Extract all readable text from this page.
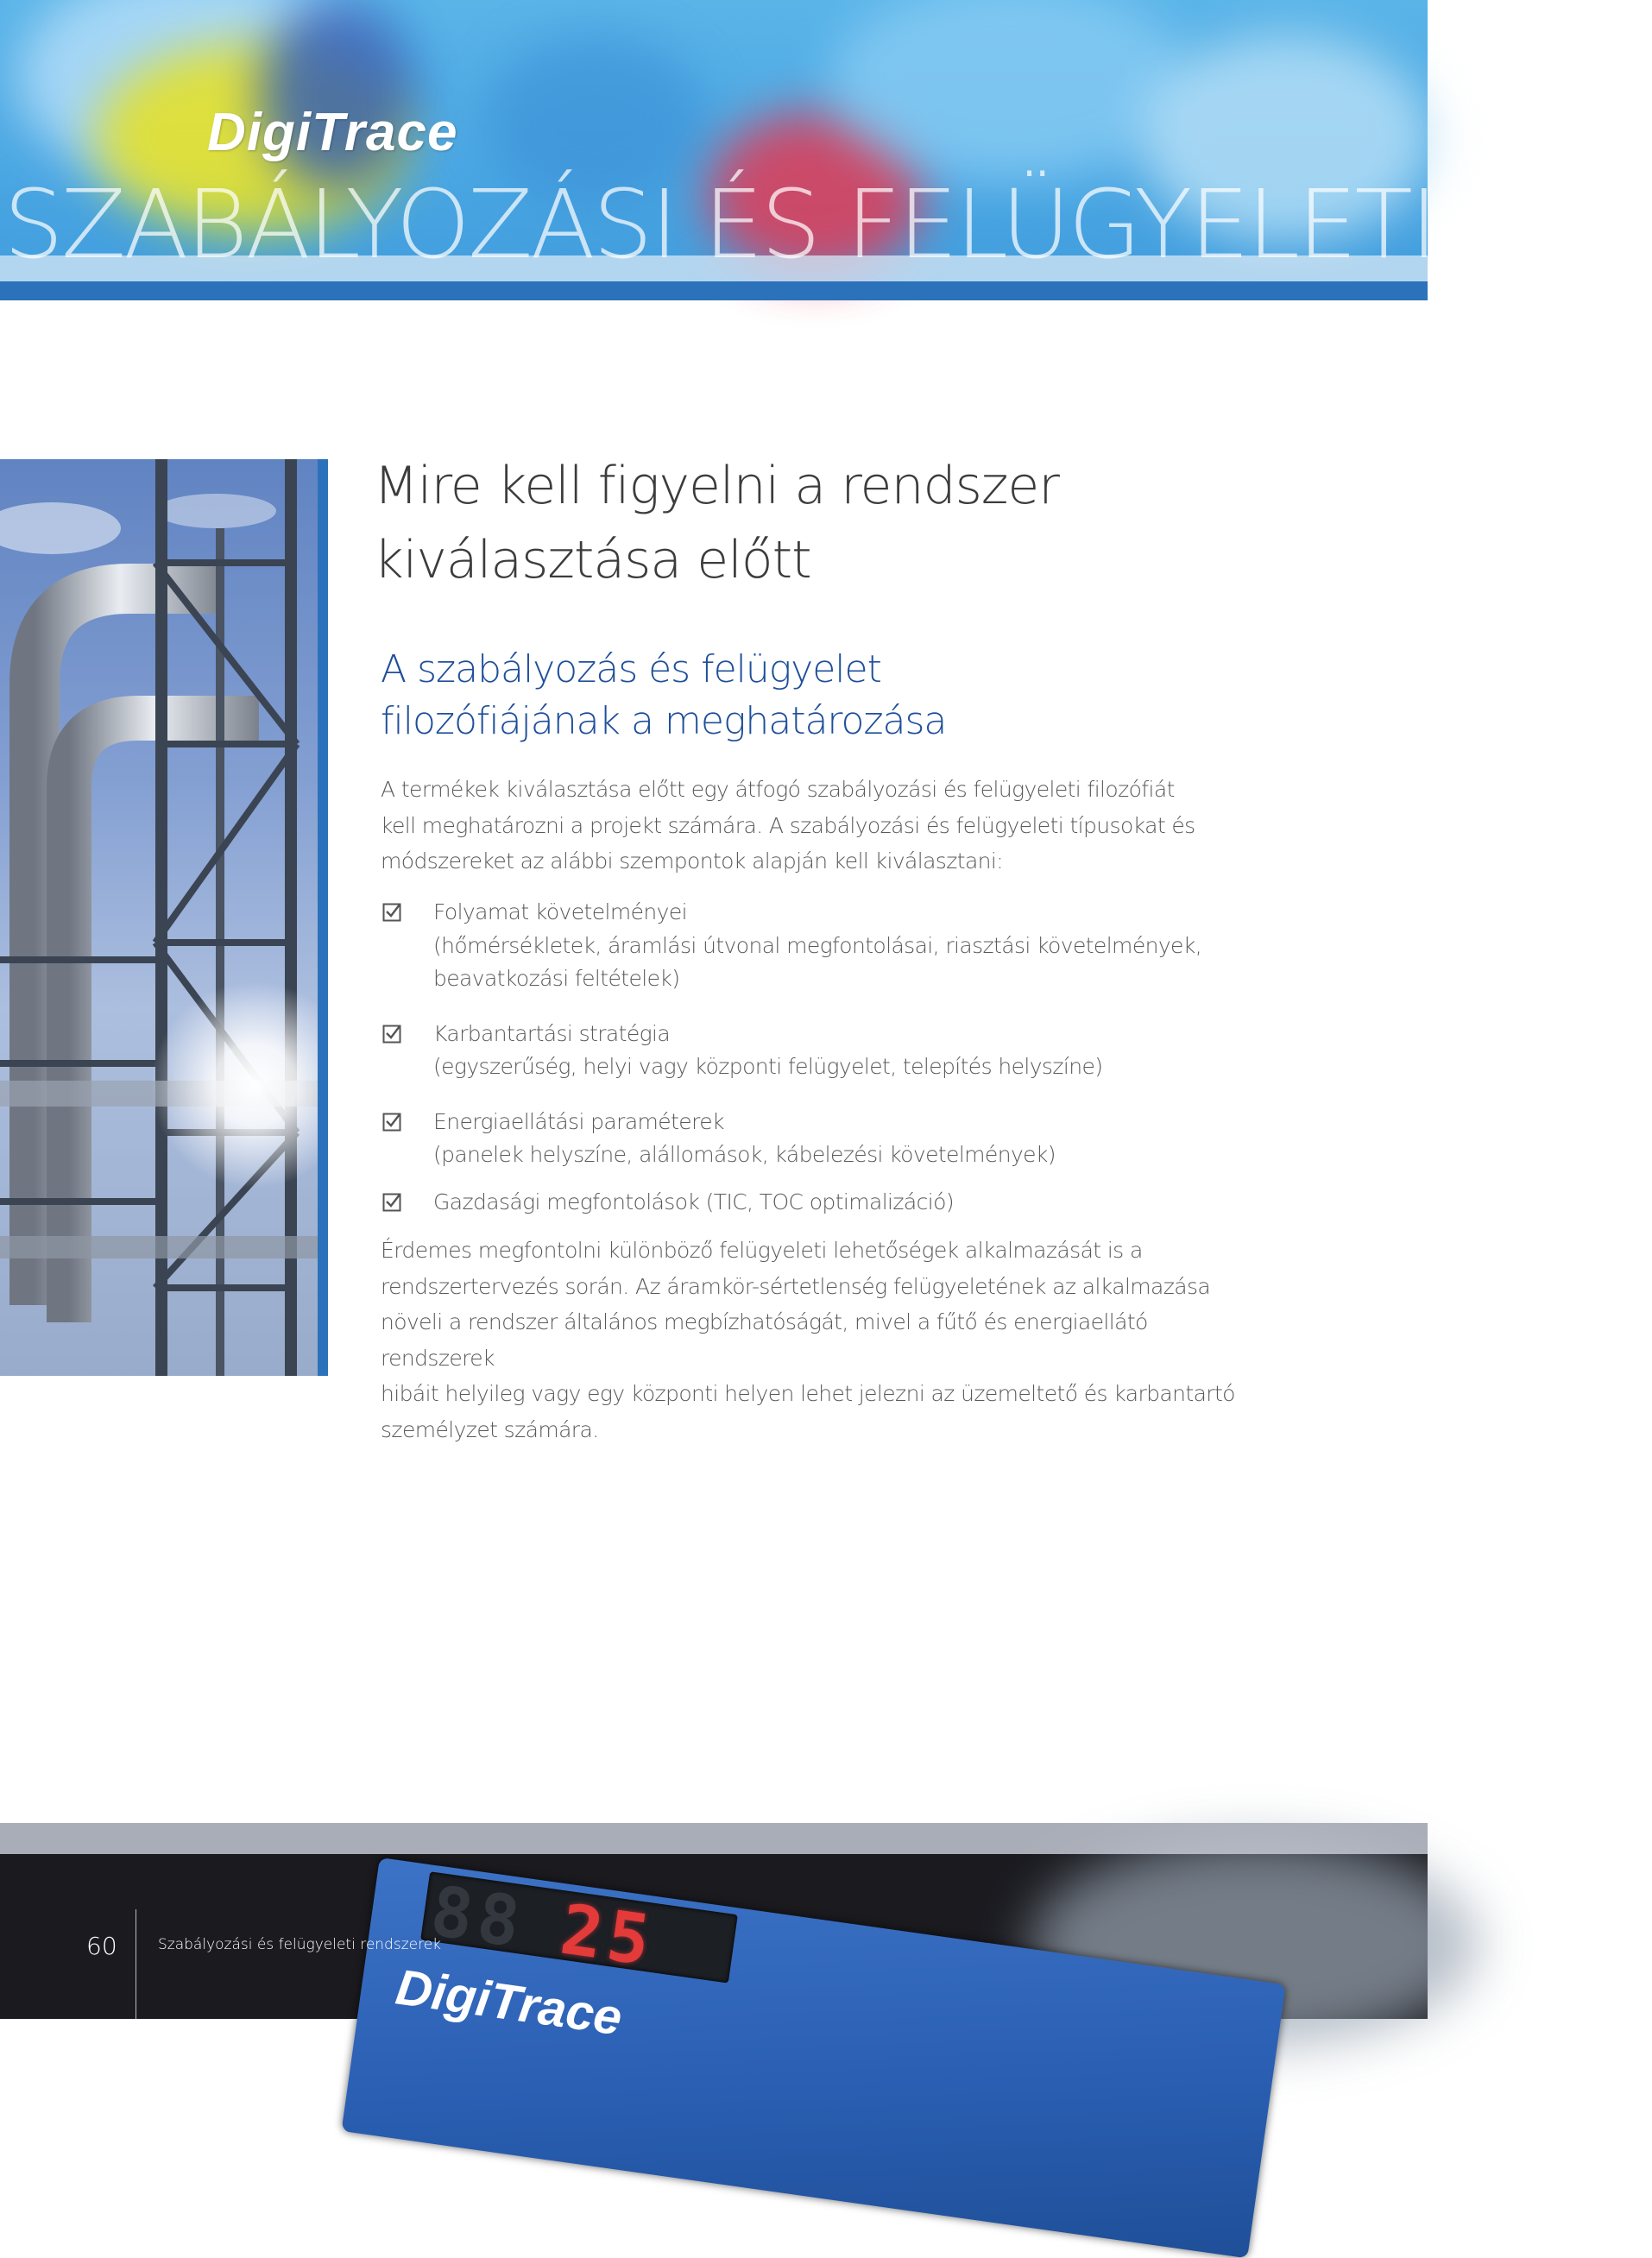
DigiTrace
SZABÁLYOZÁSI ÉS FELÜGYELETI REN
Mire kell figyelni a rendszer
kiválasztása előtt
A szabályozás és felügyelet
filozófiájának a meghatározása

A termékek kiválasztása előtt egy átfogó szabályozási és felügyeleti filozófiát
kell meghatározni a projekt számára. A szabályozási és felügyeleti típusokat és
módszereket az alábbi szempontok alapján kell kiválasztani:

Folyamat követelményei
(hőmérsékletek, áramlási útvonal megfontolásai, riasztási követelmények,
beavatkozási feltételek)
Karbantartási stratégia
(egyszerűség, helyi vagy központi felügyelet, telepítés helyszíne)
Energiaellátási paraméterek
(panelek helyszíne, alállomások, kábelezési követelmények)
Gazdasági megfontolások (TIC, TOC optimalizáció)

Érdemes megfontolni különböző felügyeleti lehetőségek alkalmazását is a
rendszertervezés során. Az áramkör-sértetlenség felügyeletének az alkalmazása
növeli a rendszer általános megbízhatóságát, mivel a fűtő és energiaellátó rendszerek
hibáit helyileg vagy egy központi helyen lehet jelezni az üzemeltető és karbantartó
személyzet számára.

88 25
DigiTrace
60	Szabályozási és felügyeleti rendszerek
